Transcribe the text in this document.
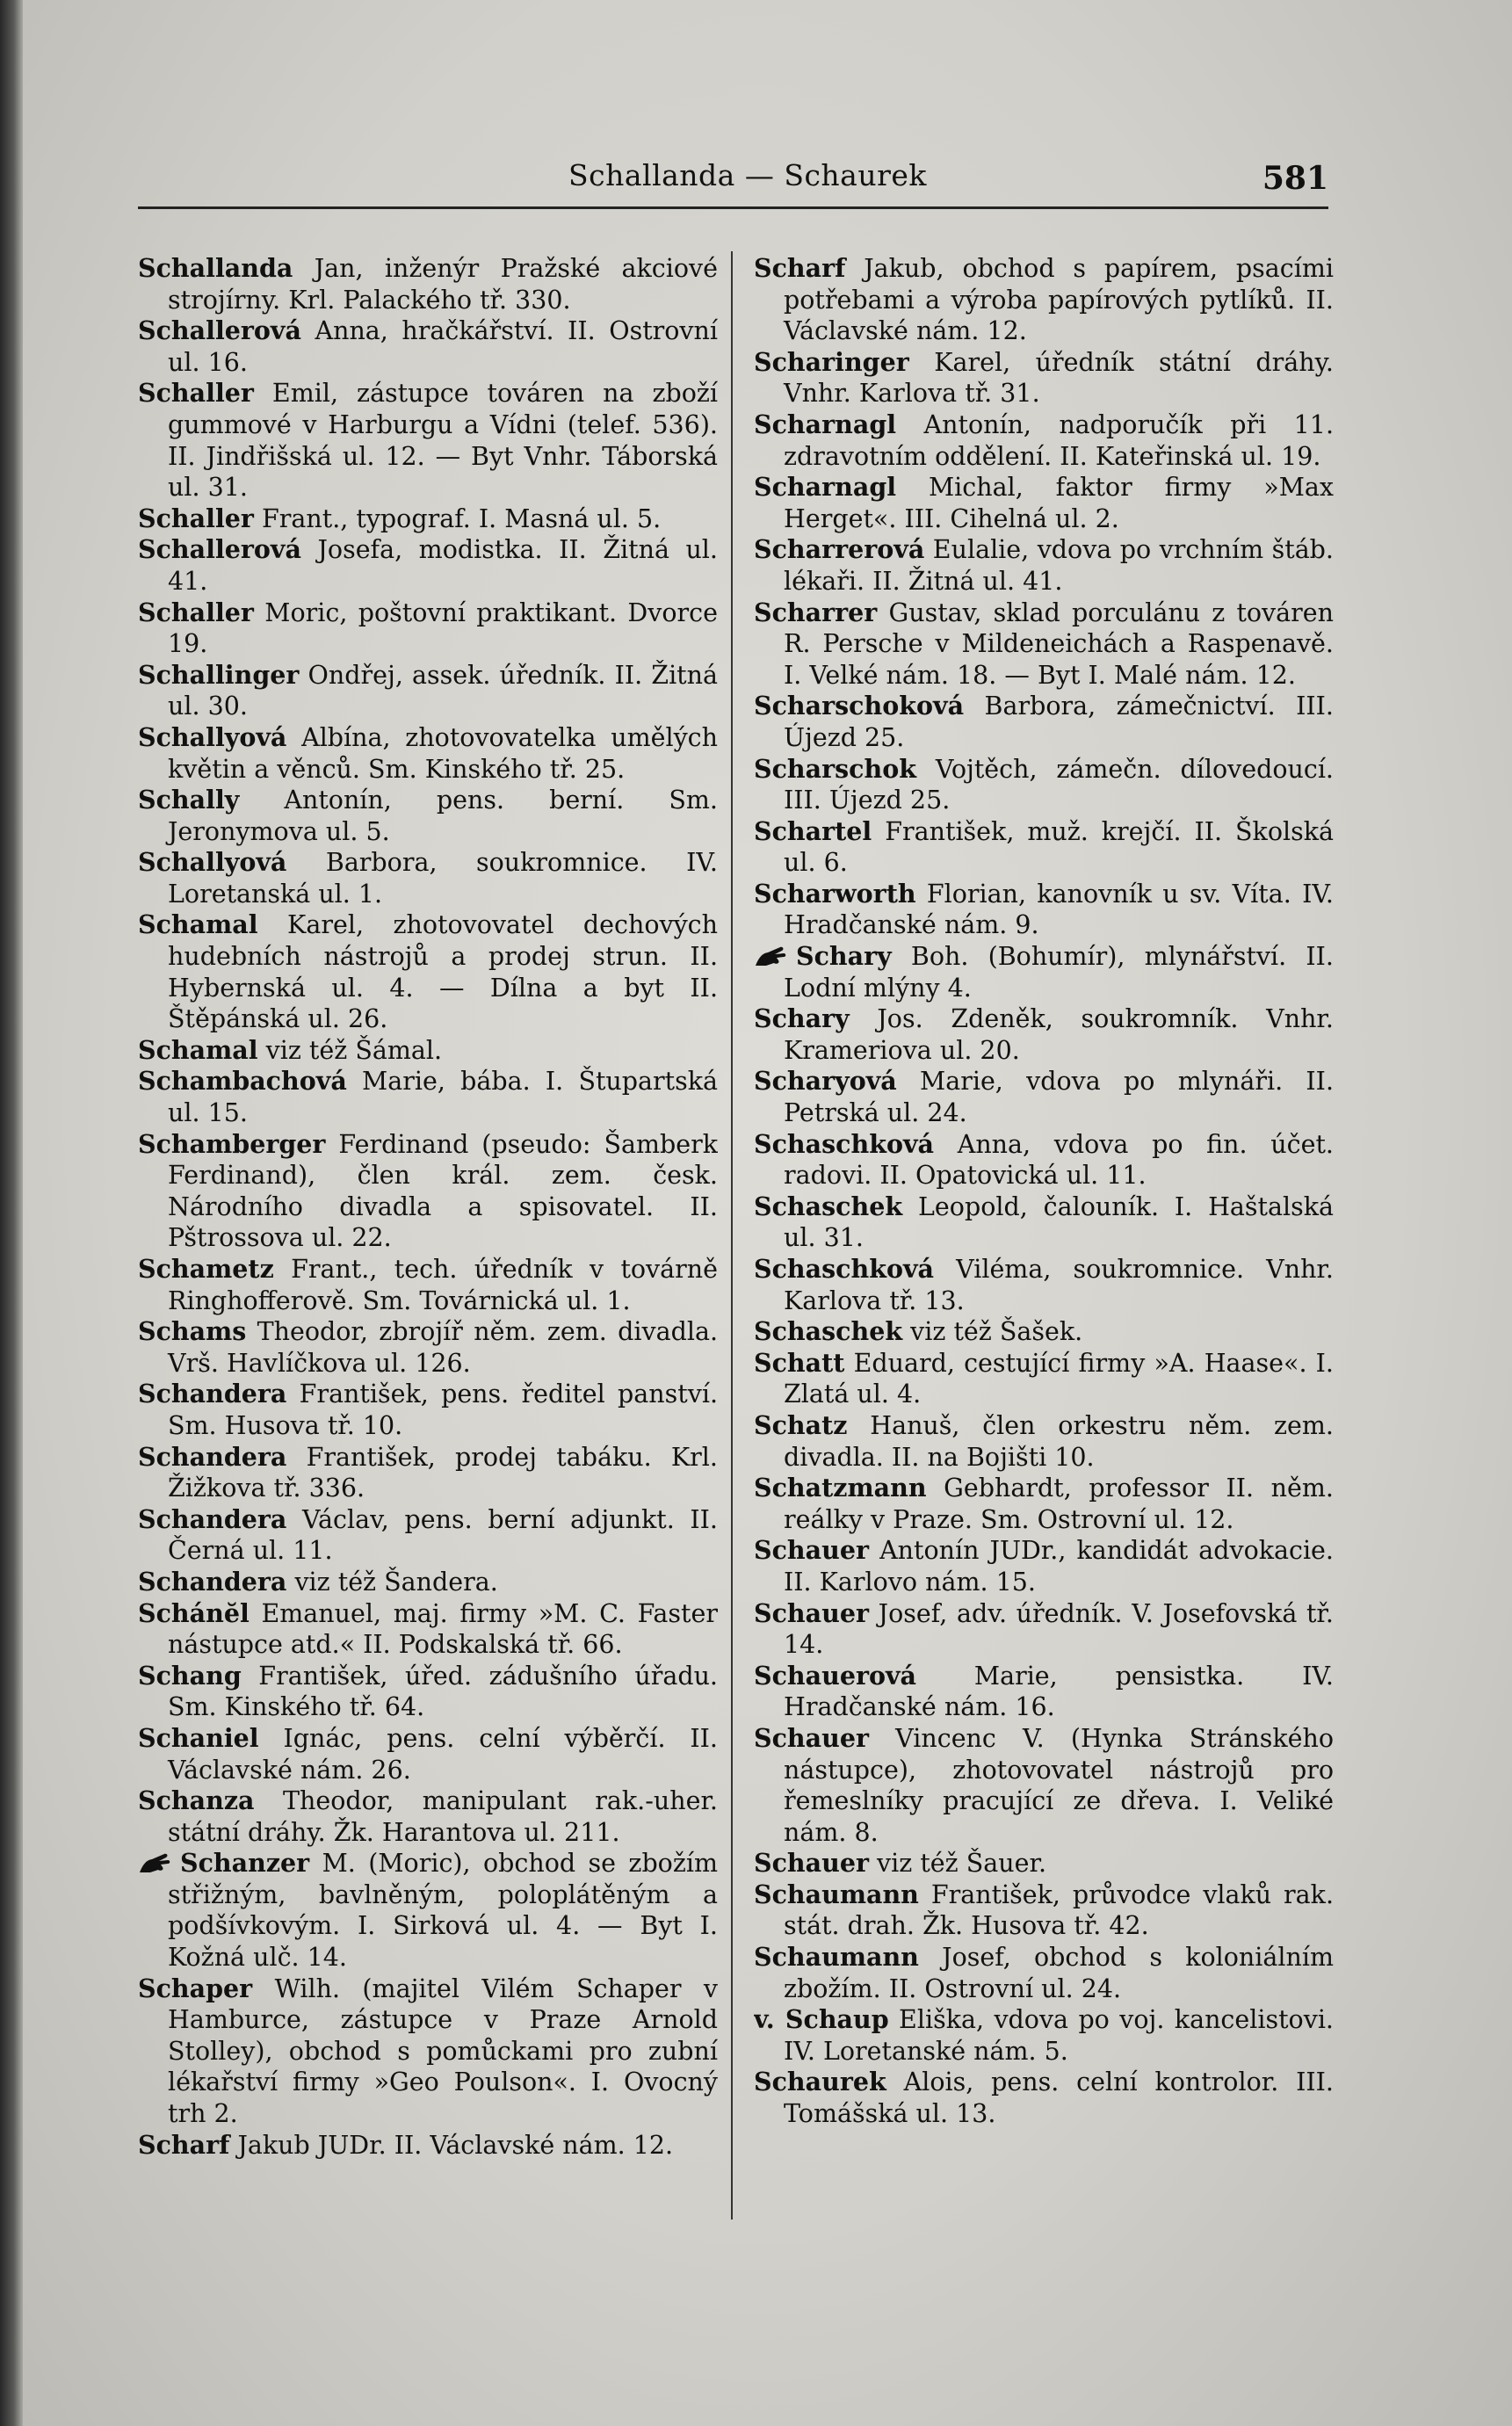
Schallanda — Schaurek	581

Schallanda Jan, inženýr Pražské akciové strojírny. Krl. Palackého tř. 330.

Schallerová Anna, hračkářství. II. Ostrovní ul. 16.

Schaller Emil, zástupce továren na zboží gummové v Harburgu a Vídni (telef. 536). II. Jindřišská ul. 12. — Byt Vnhr. Táborská ul. 31.

Schaller Frant., typograf. I. Masná ul. 5.

Schallerová Josefa, modistka. II. Žitná ul. 41.

Schaller Moric, poštovní praktikant. Dvorce 19.

Schallinger Ondřej, assek. úředník. II. Žitná ul. 30.

Schallyová Albína, zhotovovatelka umělých květin a věnců. Sm. Kinského tř. 25.

Schally Antonín, pens. berní. Sm. Jeronymova ul. 5.

Schallyová Barbora, soukromnice. IV. Loretanská ul. 1.

Schamal Karel, zhotovovatel dechových hudebních nástrojů a prodej strun. II. Hybernská ul. 4. — Dílna a byt II. Štěpánská ul. 26.

Schamal viz též Šámal.

Schambachová Marie, bába. I. Štupartská ul. 15.

Schamberger Ferdinand (pseudo: Šamberk Ferdinand), člen král. zem. česk. Národního divadla a spisovatel. II. Pštrossova ul. 22.

Schametz Frant., tech. úředník v továrně Ringhofferově. Sm. Továrnická ul. 1.

Schams Theodor, zbrojíř něm. zem. divadla. Vrš. Havlíčkova ul. 126.

Schandera František, pens. ředitel panství. Sm. Husova tř. 10.

Schandera František, prodej tabáku. Krl. Žižkova tř. 336.

Schandera Václav, pens. berní adjunkt. II. Černá ul. 11.

Schandera viz též Šandera.

Schánĕl Emanuel, maj. firmy »M. C. Faster nástupce atd.« II. Podskalská tř. 66.

Schang František, úřed. zádušního úřadu. Sm. Kinského tř. 64.

Schaniel Ignác, pens. celní výběrčí. II. Václavské nám. 26.

Schanza Theodor, manipulant rak.-uher. státní dráhy. Žk. Harantova ul. 211.

Schanzer M. (Moric), obchod se zbožím střižným, bavlněným, poloplátěným a podšívkovým. I. Sirková ul. 4. — Byt I. Kožná ulč. 14.

Schaper Wilh. (majitel Vilém Schaper v Hamburce, zástupce v Praze Arnold Stolley), obchod s pomůckami pro zubní lékařství firmy »Geo Poulson«. I. Ovocný trh 2.

Scharf Jakub JUDr. II. Václavské nám. 12.

Scharf Jakub, obchod s papírem, psacími potřebami a výroba papírových pytlíků. II. Václavské nám. 12.

Scharinger Karel, úředník státní dráhy. Vnhr. Karlova tř. 31.

Scharnagl Antonín, nadporučík při 11. zdravotním oddělení. II. Kateřinská ul. 19.

Scharnagl Michal, faktor firmy »Max Herget«. III. Cihelná ul. 2.

Scharrerová Eulalie, vdova po vrchním štáb. lékaři. II. Žitná ul. 41.

Scharrer Gustav, sklad porculánu z továren R. Persche v Mildeneichách a Raspenavě. I. Velké nám. 18. — Byt I. Malé nám. 12.

Scharschoková Barbora, zámečnictví. III. Újezd 25.

Scharschok Vojtěch, zámečn. dílovedoucí. III. Újezd 25.

Schartel František, muž. krejčí. II. Školská ul. 6.

Scharworth Florian, kanovník u sv. Víta. IV. Hradčanské nám. 9.

Schary Boh. (Bohumír), mlynářství. II. Lodní mlýny 4.

Schary Jos. Zdeněk, soukromník. Vnhr. Krameriova ul. 20.

Scharyová Marie, vdova po mlynáři. II. Petrská ul. 24.

Schaschková Anna, vdova po fin. účet. radovi. II. Opatovická ul. 11.

Schaschek Leopold, čalouník. I. Haštalská ul. 31.

Schaschková Viléma, soukromnice. Vnhr. Karlova tř. 13.

Schaschek viz též Šašek.

Schatt Eduard, cestující firmy »A. Haase«. I. Zlatá ul. 4.

Schatz Hanuš, člen orkestru něm. zem. divadla. II. na Bojišti 10.

Schatzmann Gebhardt, professor II. něm. reálky v Praze. Sm. Ostrovní ul. 12.

Schauer Antonín JUDr., kandidát advokacie. II. Karlovo nám. 15.

Schauer Josef, adv. úředník. V. Josefovská tř. 14.

Schauerová Marie, pensistka. IV. Hradčanské nám. 16.

Schauer Vincenc V. (Hynka Stránského nástupce), zhotovovatel nástrojů pro řemeslníky pracující ze dřeva. I. Veliké nám. 8.

Schauer viz též Šauer.

Schaumann František, průvodce vlaků rak. stát. drah. Žk. Husova tř. 42.

Schaumann Josef, obchod s koloniálním zbožím. II. Ostrovní ul. 24.

v. Schaup Eliška, vdova po voj. kancelistovi. IV. Loretanské nám. 5.

Schaurek Alois, pens. celní kontrolor. III. Tomášská ul. 13.
